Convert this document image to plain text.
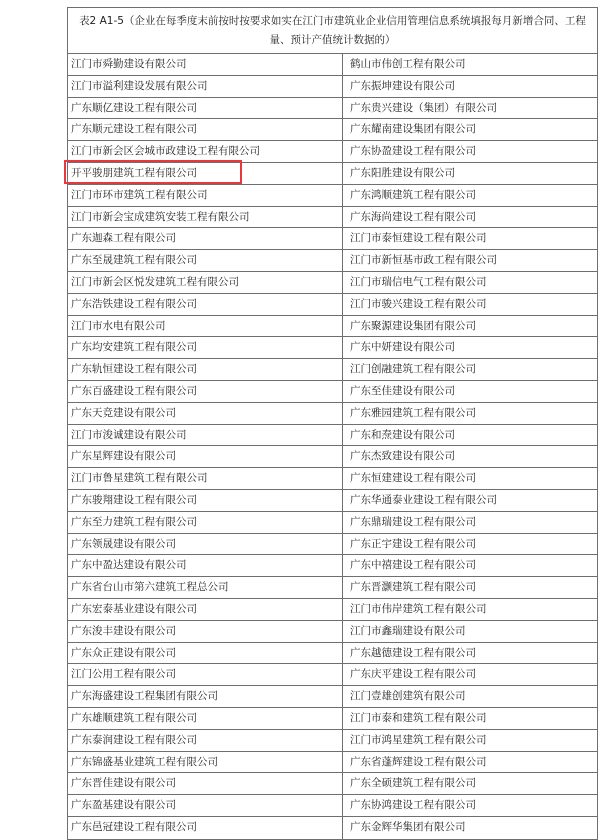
表2 A1-5（企业在每季度末前按时按要求如实在江门市建筑业企业信用管理信息系统填报每月新增合同、工程量、预计产值统计数据的）
江门市舜勤建设有限公司	鹤山市伟创工程有限公司
江门市溢利建设发展有限公司	广东振坤建设有限公司
广东顺亿建设工程有限公司	广东贵兴建设（集团）有限公司
广东顺元建设工程有限公司	广东耀南建设集团有限公司
江门市新会区会城市政建设工程有限公司	广东协盈建设工程有限公司
开平骏朋建筑工程有限公司	广东阳胜建设有限公司
江门市环市建筑工程有限公司	广东鸿顺建筑工程有限公司
江门市新会宝成建筑安装工程有限公司	广东海尚建设工程有限公司
广东迦森工程有限公司	江门市泰恒建设工程有限公司
广东至晟建筑工程有限公司	江门市新恒基市政工程有限公司
江门市新会区悦发建筑工程有限公司	江门市瑞信电气工程有限公司
广东浩铁建设工程有限公司	江门市骏兴建设工程有限公司
江门市水电有限公司	广东聚源建设集团有限公司
广东均安建筑工程有限公司	广东中妍建设有限公司
广东轨恒建设工程有限公司	江门创融建筑工程有限公司
广东百盛建设工程有限公司	广东至佳建设有限公司
广东天竞建设有限公司	广东雅园建筑工程有限公司
江门市浚诚建设有限公司	广东和焘建设有限公司
广东星辉建设有限公司	广东杰致建设有限公司
江门市鲁星建筑工程有限公司	广东恒建建设工程有限公司
广东骏翔建设工程有限公司	广东华通泰业建设工程有限公司
广东至力建筑工程有限公司	广东鼎瑞建设工程有限公司
广东领晟建设有限公司	广东正宇建设工程有限公司
广东中盈达建设有限公司	广东中禧建设工程有限公司
广东省台山市第六建筑工程总公司	广东晋灏建筑工程有限公司
广东宏泰基业建设有限公司	江门市伟岸建筑工程有限公司
广东浚丰建设有限公司	江门市鑫瑞建设有限公司
广东众正建设有限公司	广东越德建设工程有限公司
江门公用工程有限公司	广东庆平建设工程有限公司
广东海盛建设工程集团有限公司	江门壹雄创建筑有限公司
广东雄顺建筑工程有限公司	江门市泰和建筑工程有限公司
广东泰润建设工程有限公司	江门市鸿星建筑工程有限公司
广东锦盛基业建筑工程有限公司	广东省蓬辉建设工程有限公司
广东晋佳建设有限公司	广东全硕建筑工程有限公司
广东盈基建设有限公司	广东协鸿建设工程有限公司
广东邑冠建设工程有限公司	广东金辉华集团有限公司
